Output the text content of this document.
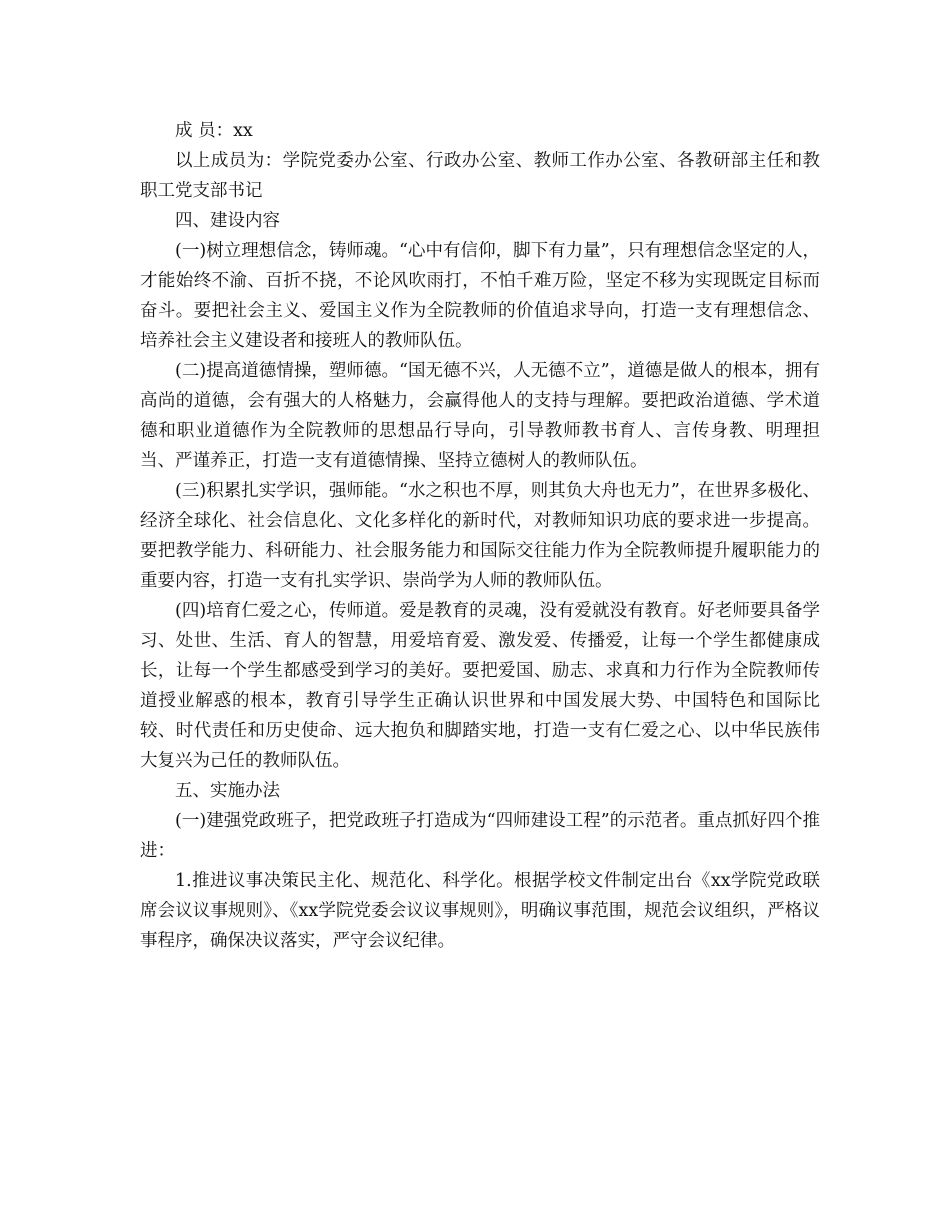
成 员：xx

以上成员为：学院党委办公室、行政办公室、教师工作办公室、各教研部主任和教职工党支部书记

四、建设内容

(一)树立理想信念，铸师魂。“心中有信仰，脚下有力量”，只有理想信念坚定的人，才能始终不渝、百折不挠，不论风吹雨打，不怕千难万险，坚定不移为实现既定目标而奋斗。要把社会主义、爱国主义作为全院教师的价值追求导向，打造一支有理想信念、培养社会主义建设者和接班人的教师队伍。

(二)提高道德情操，塑师德。“国无德不兴，人无德不立”，道德是做人的根本，拥有高尚的道德，会有强大的人格魅力，会赢得他人的支持与理解。要把政治道德、学术道德和职业道德作为全院教师的思想品行导向，引导教师教书育人、言传身教、明理担当、严谨养正，打造一支有道德情操、坚持立德树人的教师队伍。

(三)积累扎实学识，强师能。“水之积也不厚，则其负大舟也无力”，在世界多极化、经济全球化、社会信息化、文化多样化的新时代，对教师知识功底的要求进一步提高。要把教学能力、科研能力、社会服务能力和国际交往能力作为全院教师提升履职能力的重要内容，打造一支有扎实学识、崇尚学为人师的教师队伍。

(四)培育仁爱之心，传师道。爱是教育的灵魂，没有爱就没有教育。好老师要具备学习、处世、生活、育人的智慧，用爱培育爱、激发爱、传播爱，让每一个学生都健康成长，让每一个学生都感受到学习的美好。要把爱国、励志、求真和力行作为全院教师传道授业解惑的根本，教育引导学生正确认识世界和中国发展大势、中国特色和国际比较、时代责任和历史使命、远大抱负和脚踏实地，打造一支有仁爱之心、以中华民族伟大复兴为己任的教师队伍。

五、实施办法

(一)建强党政班子，把党政班子打造成为“四师建设工程”的示范者。重点抓好四个推进：

1.推进议事决策民主化、规范化、科学化。根据学校文件制定出台《xx学院党政联席会议议事规则》、《xx学院党委会议议事规则》，明确议事范围，规范会议组织，严格议事程序，确保决议落实，严守会议纪律。
